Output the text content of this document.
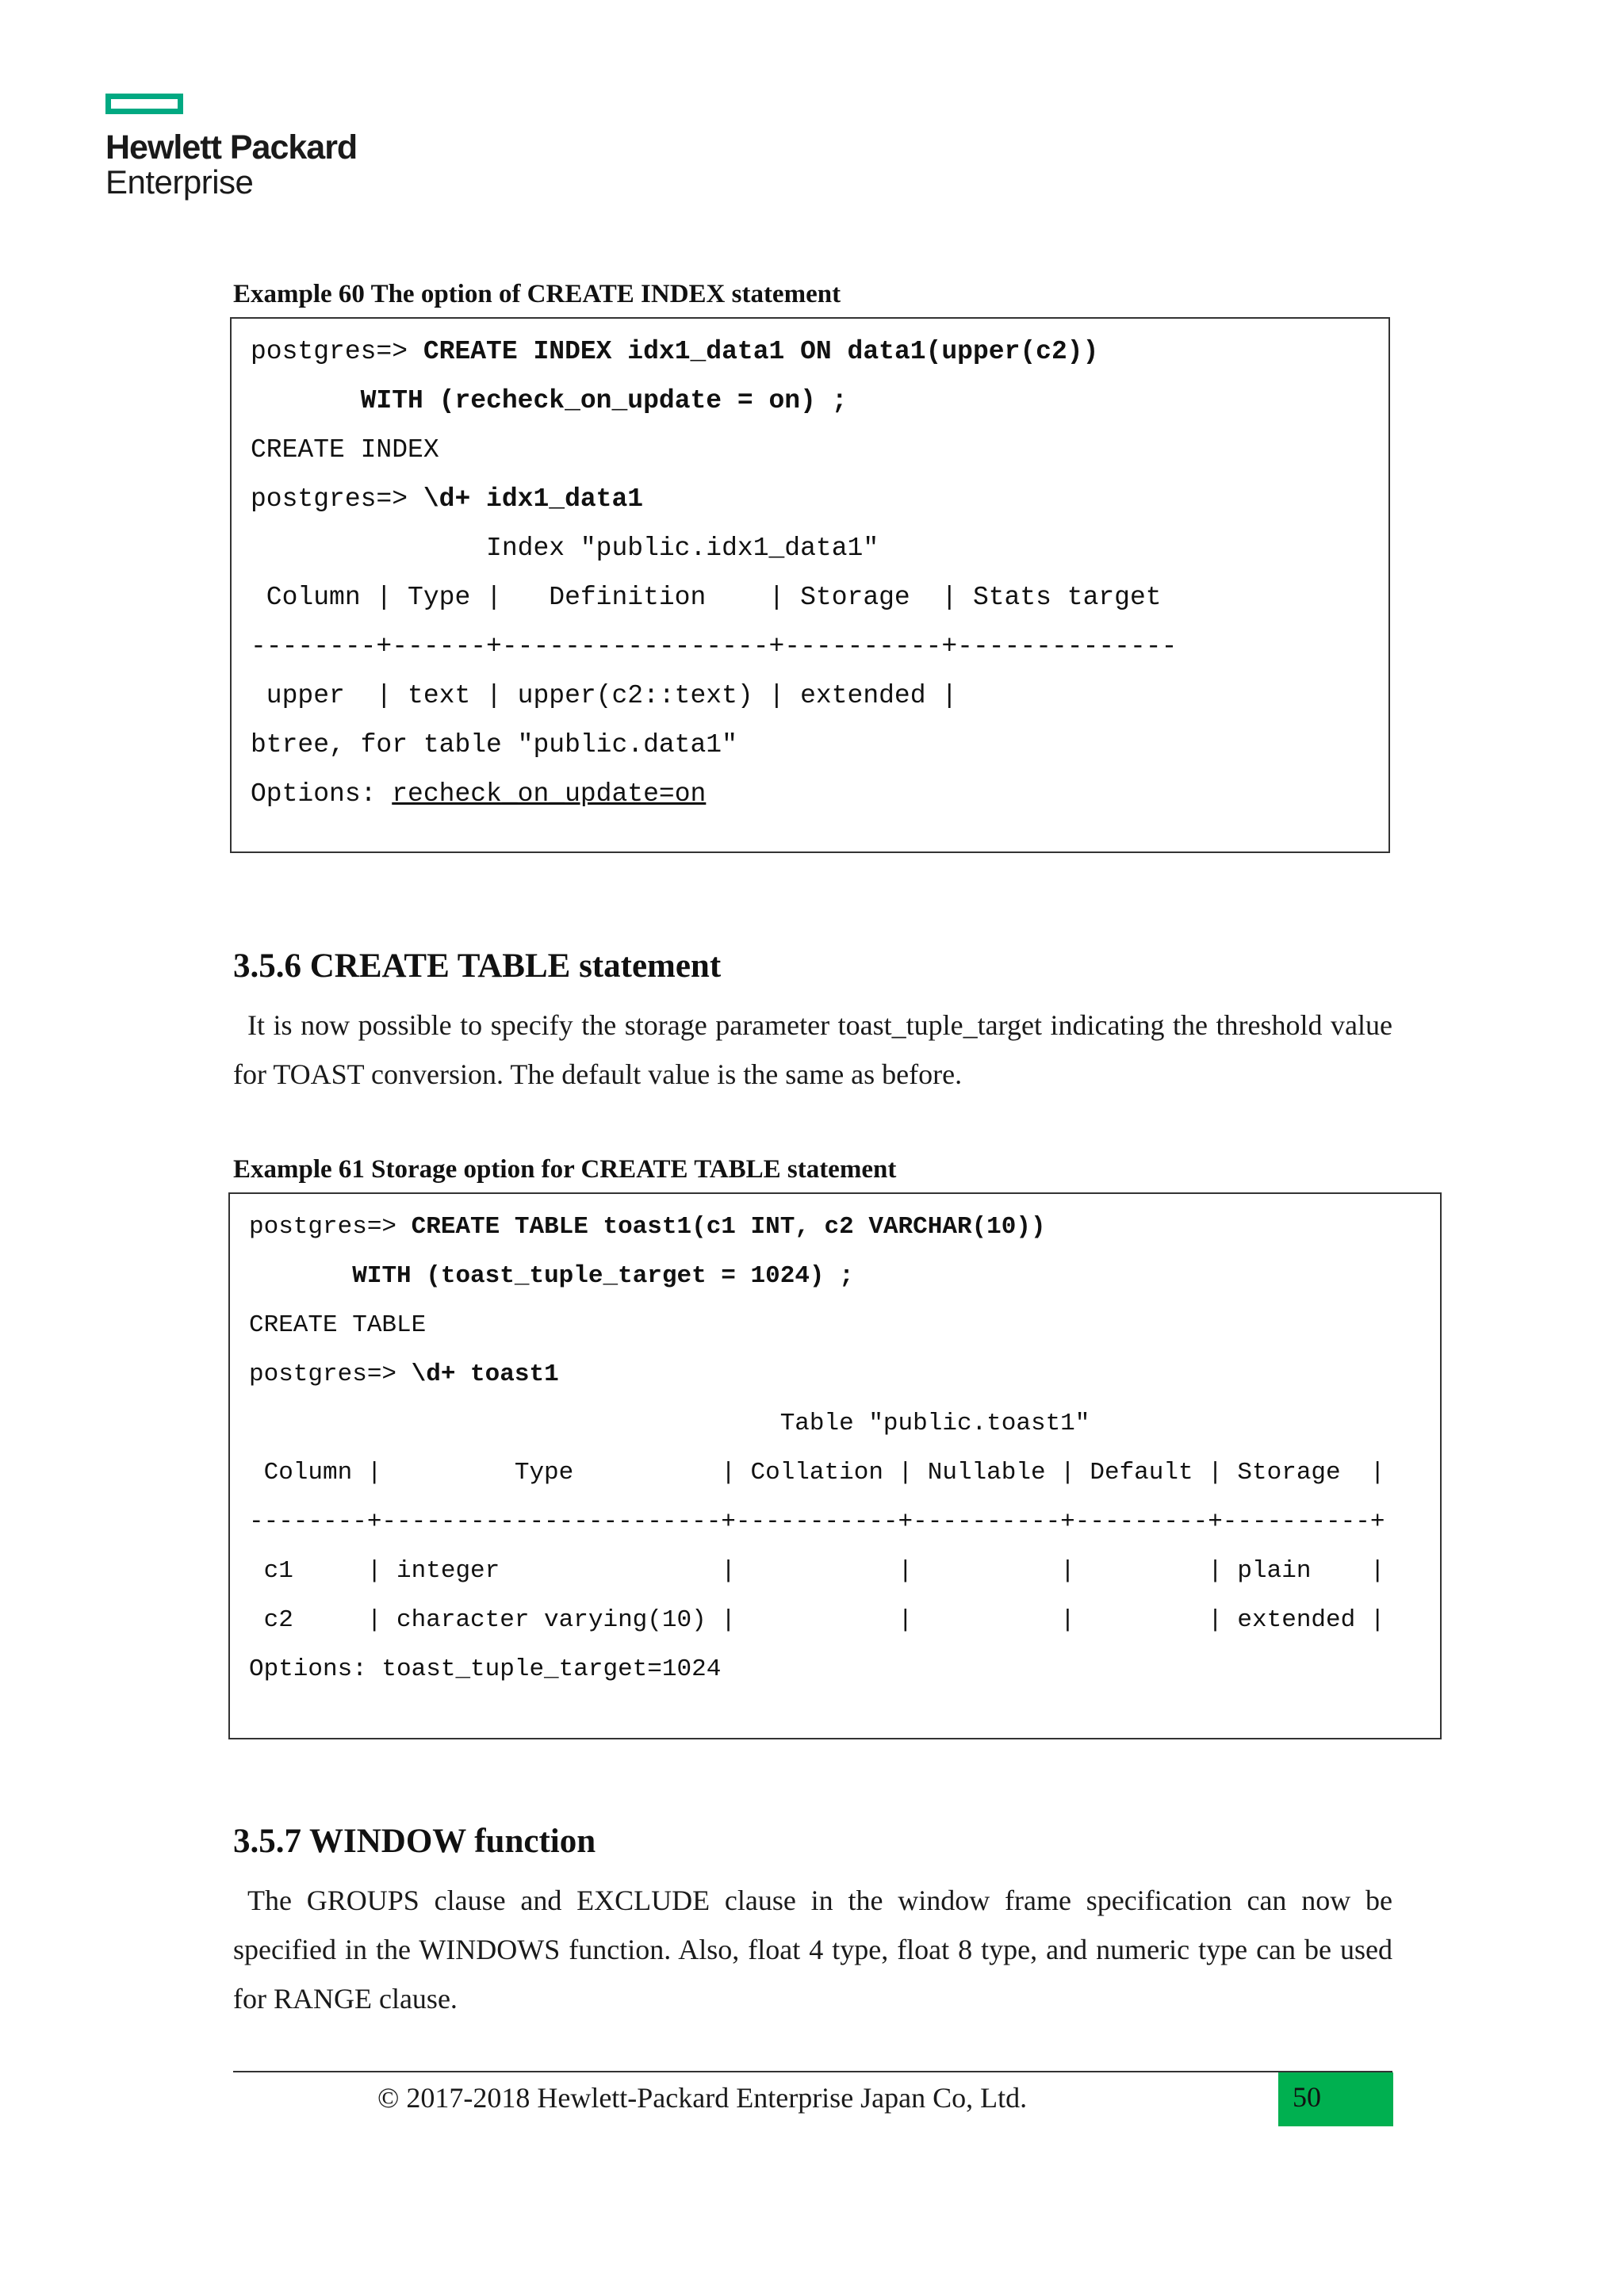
Hewlett Packard
Enterprise
Example 60 The option of CREATE INDEX statement
postgres=> CREATE INDEX idx1_data1 ON data1(upper(c2))
WITH (recheck_on_update = on) ;
CREATE INDEX
postgres=> \d+ idx1_data1
Index "public.idx1_data1"
Column | Type |   Definition    | Storage  | Stats target
--------+------+-----------------+----------+--------------
upper  | text | upper(c2::text) | extended |
btree, for table "public.data1"
Options: recheck_on_update=on
3.5.6 CREATE TABLE statement
It is now possible to specify the storage parameter toast_tuple_target indicating the threshold value for TOAST conversion. The default value is the same as before.
Example 61 Storage option for CREATE TABLE statement
postgres=> CREATE TABLE toast1(c1 INT, c2 VARCHAR(10))
WITH (toast_tuple_target = 1024) ;
CREATE TABLE
postgres=> \d+ toast1
Table "public.toast1"
Column |         Type          | Collation | Nullable | Default | Storage  |
--------+-----------------------+-----------+----------+---------+----------+
c1     | integer               |           |          |         | plain    |
c2     | character varying(10) |           |          |         | extended |
Options: toast_tuple_target=1024
3.5.7 WINDOW function
The GROUPS clause and EXCLUDE clause in the window frame specification can now be specified in the WINDOWS function. Also, float 4 type, float 8 type, and numeric type can be used for RANGE clause.
© 2017-2018 Hewlett-Packard Enterprise Japan Co, Ltd.	50
